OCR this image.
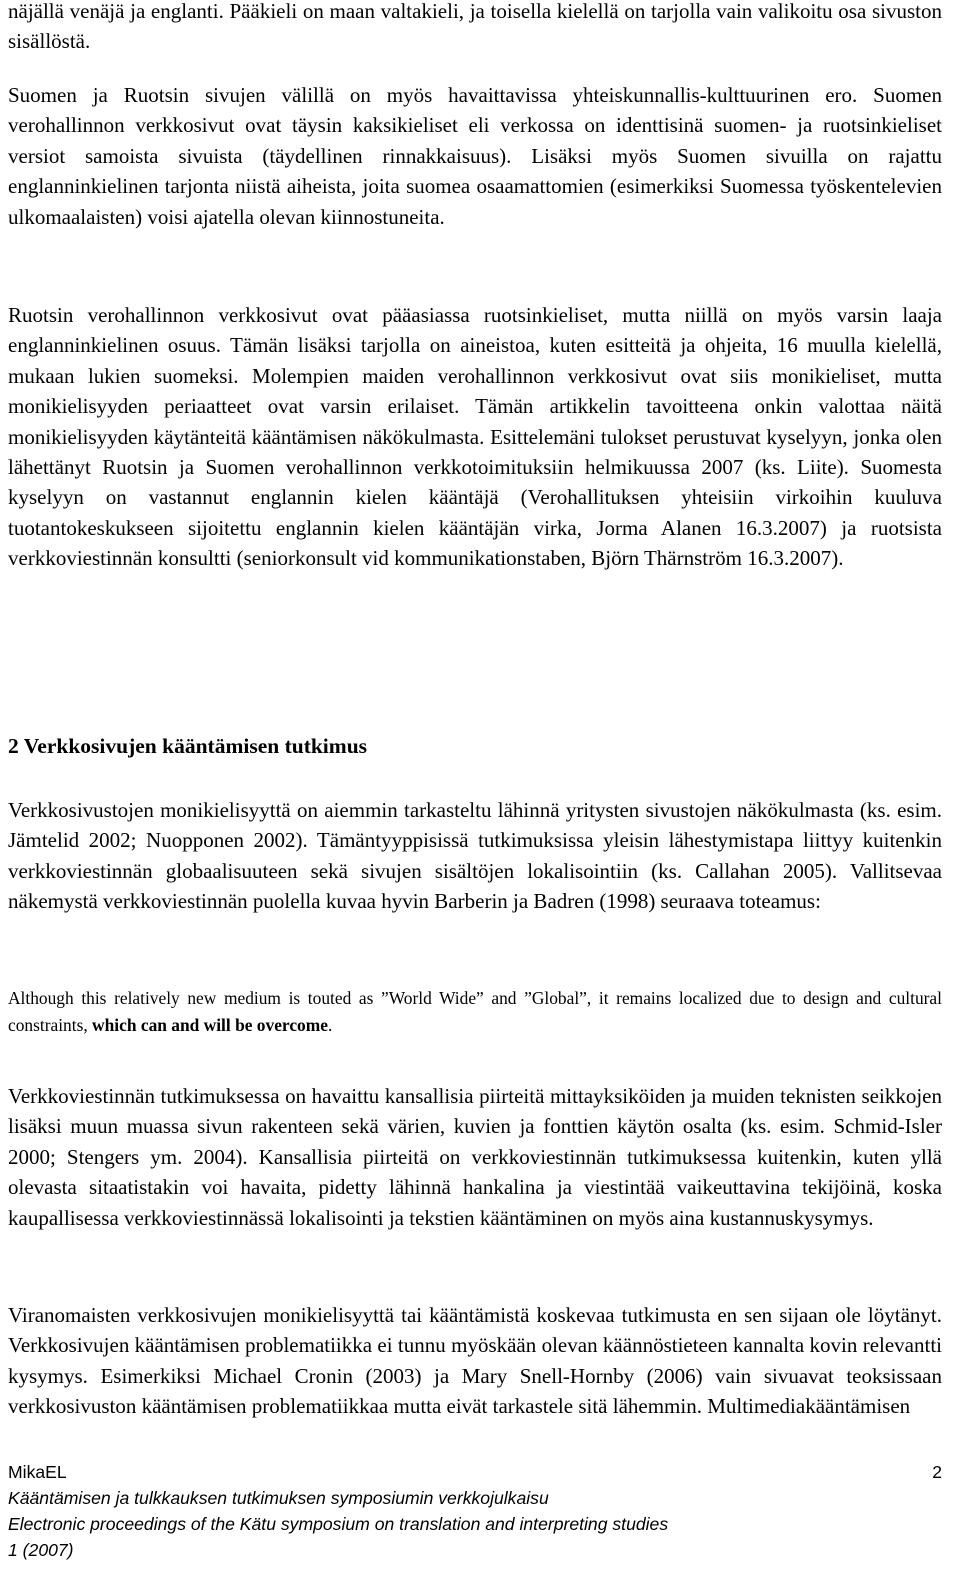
näjällä venäjä ja englanti. Pääkieli on maan valtakieli, ja toisella kielellä on tarjolla vain valikoitu osa sivuston sisällöstä.

Suomen ja Ruotsin sivujen välillä on myös havaittavissa yhteiskunnallis-kulttuurinen ero. Suomen verohallinnon verkkosivut ovat täysin kaksikieliset eli verkossa on identtisinä suomen- ja ruotsinkieliset versiot samoista sivuista (täydellinen rinnakkaisuus). Lisäksi myös Suomen sivuilla on rajattu englanninkielinen tarjonta niistä aiheista, joita suomea osaamattomien (esimerkiksi Suomessa työskentelevien ulkomaalaisten) voisi ajatella olevan kiinnostuneita.

Ruotsin verohallinnon verkkosivut ovat pääasiassa ruotsinkieliset, mutta niillä on myös varsin laaja englanninkielinen osuus. Tämän lisäksi tarjolla on aineistoa, kuten esitteitä ja ohjeita, 16 muulla kielellä, mukaan lukien suomeksi. Molempien maiden verohallinnon verkkosivut ovat siis monikieliset, mutta monikielisyyden periaatteet ovat varsin erilaiset. Tämän artikkelin tavoitteena onkin valottaa näitä monikielisyyden käytänteitä kääntämisen näkökulmasta. Esittelemäni tulokset perustuvat kyselyyn, jonka olen lähettänyt Ruotsin ja Suomen verohallinnon verkkotoimituksiin helmikuussa 2007 (ks. Liite). Suomesta kyselyyn on vastannut englannin kielen kääntäjä (Verohallituksen yhteisiin virkoihin kuuluva tuotantokeskukseen sijoitettu englannin kielen kääntäjän virka, Jorma Alanen 16.3.2007) ja ruotsista verkkoviestinnän konsultti (seniorkonsult vid kommunikationstaben, Björn Thärnström 16.3.2007).

2 Verkkosivujen kääntämisen tutkimus

Verkkosivustojen monikielisyyttä on aiemmin tarkasteltu lähinnä yritysten sivustojen näkökulmasta (ks. esim. Jämtelid 2002; Nuopponen 2002). Tämäntyyppisissä tutkimuksissa yleisin lähestymistapa liittyy kuitenkin verkkoviestinnän globaalisuuteen sekä sivujen sisältöjen lokalisointiin (ks. Callahan 2005). Vallitsevaa näkemystä verkkoviestinnän puolella kuvaa hyvin Barberin ja Badren (1998) seuraava toteamus:

Although this relatively new medium is touted as ”World Wide” and ”Global”, it remains localized due to design and cultural constraints, which can and will be overcome.

Verkkoviestinnän tutkimuksessa on havaittu kansallisia piirteitä mittayksiköiden ja muiden teknisten seikkojen lisäksi muun muassa sivun rakenteen sekä värien, kuvien ja fonttien käytön osalta (ks. esim. Schmid-Isler 2000; Stengers ym. 2004). Kansallisia piirteitä on verkkoviestinnän tutkimuksessa kuitenkin, kuten yllä olevasta sitaatistakin voi havaita, pidetty lähinnä hankalina ja viestintää vaikeuttavina tekijöinä, koska kaupallisessa verkkoviestinnässä lokalisointi ja tekstien kääntäminen on myös aina kustannuskysymys.

Viranomaisten verkkosivujen monikielisyyttä tai kääntämistä koskevaa tutkimusta en sen sijaan ole löytänyt. Verkkosivujen kääntämisen problematiikka ei tunnu myöskään olevan käännöstieteen kannalta kovin relevantti kysymys. Esimerkiksi Michael Cronin (2003) ja Mary Snell-Hornby (2006) vain sivuavat teoksissaan verkkosivuston kääntämisen problematiikkaa mutta eivät tarkastele sitä lähemmin. Multimediakääntämisen

MikaEL	2
Kääntämisen ja tulkkauksen tutkimuksen symposiumin verkkojulkaisu
Electronic proceedings of the Kätu symposium on translation and interpreting studies
1 (2007)
